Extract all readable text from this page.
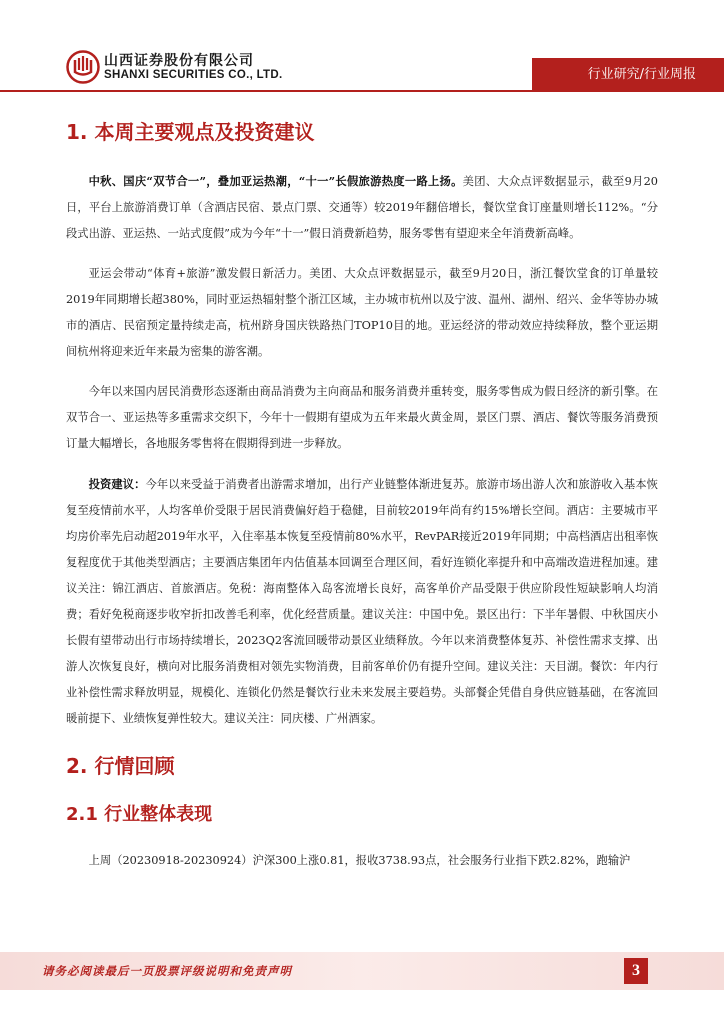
山西证券股份有限公司
SHANXI SECURITIES CO., LTD.	行业研究/行业周报
1. 本周主要观点及投资建议

中秋、国庆“双节合一”，叠加亚运热潮，“十一”长假旅游热度一路上扬。美团、大众点评数据显示，截至9月20日，平台上旅游消费订单（含酒店民宿、景点门票、交通等）较2019年翻倍增长，餐饮堂食订座量则增长112%。“分段式出游、亚运热、一站式度假”成为今年“十一”假日消费新趋势，服务零售有望迎来全年消费新高峰。

亚运会带动“体育+旅游”激发假日新活力。美团、大众点评数据显示，截至9月20日，浙江餐饮堂食的订单量较2019年同期增长超380%，同时亚运热辐射整个浙江区域，主办城市杭州以及宁波、温州、湖州、绍兴、金华等协办城市的酒店、民宿预定量持续走高，杭州跻身国庆铁路热门TOP10目的地。亚运经济的带动效应持续释放，整个亚运期间杭州将迎来近年来最为密集的游客潮。

今年以来国内居民消费形态逐渐由商品消费为主向商品和服务消费并重转变，服务零售成为假日经济的新引擎。在双节合一、亚运热等多重需求交织下，今年十一假期有望成为五年来最火黄金周，景区门票、酒店、餐饮等服务消费预订量大幅增长，各地服务零售将在假期得到进一步释放。

投资建议：今年以来受益于消费者出游需求增加，出行产业链整体渐进复苏。旅游市场出游人次和旅游收入基本恢复至疫情前水平，人均客单价受限于居民消费偏好趋于稳健，目前较2019年尚有约15%增长空间。酒店：主要城市平均房价率先启动超2019年水平，入住率基本恢复至疫情前80%水平，RevPAR接近2019年同期；中高档酒店出租率恢复程度优于其他类型酒店；主要酒店集团年内估值基本回调至合理区间，看好连锁化率提升和中高端改造进程加速。建议关注：锦江酒店、首旅酒店。免税：海南整体入岛客流增长良好，高客单价产品受限于供应阶段性短缺影响人均消费；看好免税商逐步收窄折扣改善毛利率，优化经营质量。建议关注：中国中免。景区出行：下半年暑假、中秋国庆小长假有望带动出行市场持续增长，2023Q2客流回暖带动景区业绩释放。今年以来消费整体复苏、补偿性需求支撑、出游人次恢复良好，横向对比服务消费相对领先实物消费，目前客单价仍有提升空间。建议关注：天目湖。餐饮：年内行业补偿性需求释放明显，规模化、连锁化仍然是餐饮行业未来发展主要趋势。头部餐企凭借自身供应链基础，在客流回暖前提下、业绩恢复弹性较大。建议关注：同庆楼、广州酒家。

2. 行情回顾
2.1 行业整体表现

上周（20230918-20230924）沪深300上涨0.81，报收3738.93点，社会服务行业指下跌2.82%，跑输沪

请务必阅读最后一页股票评级说明和免责声明	3
